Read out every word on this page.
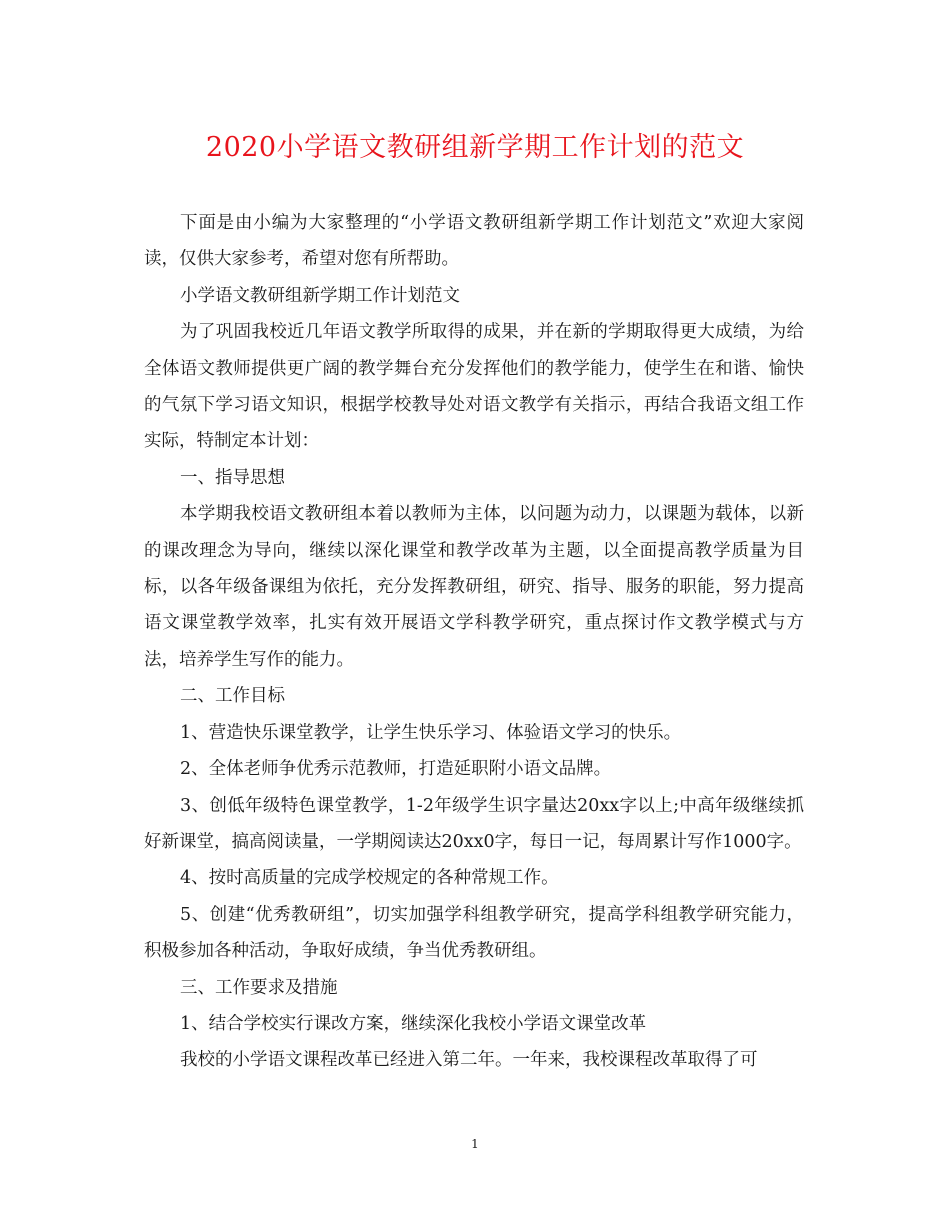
2020小学语文教研组新学期工作计划的范文

下面是由小编为大家整理的“小学语文教研组新学期工作计划范文”欢迎大家阅读，仅供大家参考，希望对您有所帮助。

小学语文教研组新学期工作计划范文

为了巩固我校近几年语文教学所取得的成果，并在新的学期取得更大成绩，为给全体语文教师提供更广阔的教学舞台充分发挥他们的教学能力，使学生在和谐、愉快的气氛下学习语文知识，根据学校教导处对语文教学有关指示，再结合我语文组工作实际，特制定本计划：

一、指导思想

本学期我校语文教研组本着以教师为主体，以问题为动力，以课题为载体，以新的课改理念为导向，继续以深化课堂和教学改革为主题，以全面提高教学质量为目标，以各年级备课组为依托，充分发挥教研组，研究、指导、服务的职能，努力提高语文课堂教学效率，扎实有效开展语文学科教学研究，重点探讨作文教学模式与方法，培养学生写作的能力。

二、工作目标

1、营造快乐课堂教学，让学生快乐学习、体验语文学习的快乐。

2、全体老师争优秀示范教师，打造延职附小语文品牌。

3、创低年级特色课堂教学，1-2年级学生识字量达20xx字以上;中高年级继续抓好新课堂，搞高阅读量，一学期阅读达20xx0字，每日一记，每周累计写作1000字。

4、按时高质量的完成学校规定的各种常规工作。

5、创建“优秀教研组”，切实加强学科组教学研究，提高学科组教学研究能力，积极参加各种活动，争取好成绩，争当优秀教研组。

三、工作要求及措施

1、结合学校实行课改方案，继续深化我校小学语文课堂改革

我校的小学语文课程改革已经进入第二年。一年来，我校课程改革取得了可

1
